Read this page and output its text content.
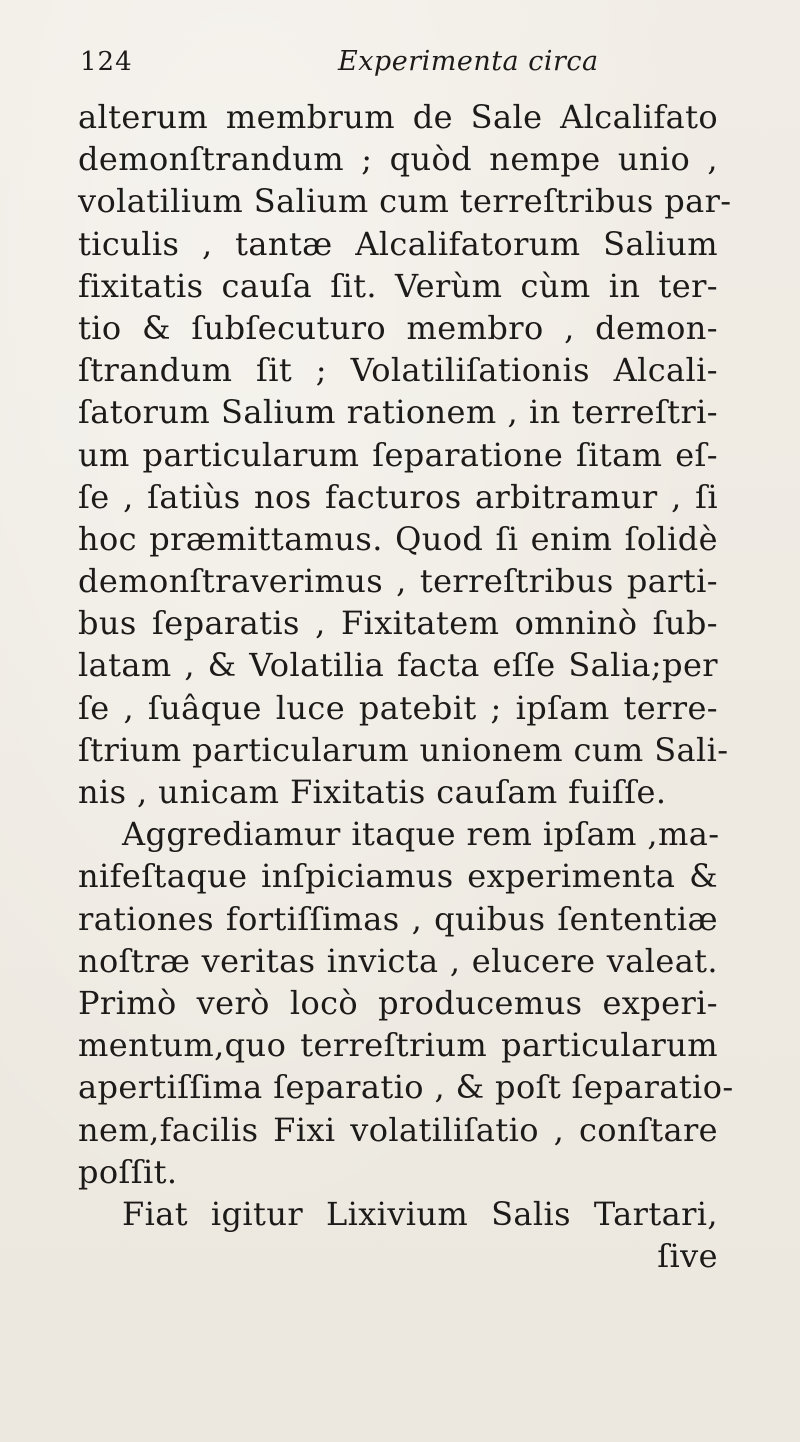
124	Experimenta circa
alterum membrum de Sale Alcalifato
demonſtrandum ; quòd nempe unio ,
volatilium Salium cum terreſtribus par-
ticulis , tantæ Alcalifatorum Salium
fixitatis cauſa ſit. Verùm cùm in ter-
tio & ſubſecuturo membro , demon-
ſtrandum ſit ; Volatiliſationis Alcali-
ſatorum Salium rationem , in terreſtri-
um particularum ſeparatione ſitam eſ-
ſe , ſatiùs nos facturos arbitramur , ſi
hoc præmittamus. Quod ſi enim ſolidè
demonſtraverimus , terreſtribus parti-
bus ſeparatis , Fixitatem omninò ſub-
latam , & Volatilia facta eſſe Salia;per
ſe , ſuâque luce patebit ; ipſam terre-
ſtrium particularum unionem cum Sali-
nis , unicam Fixitatis cauſam fuiſſe.
Aggrediamur itaque rem ipſam ,ma-
nifeſtaque inſpiciamus experimenta &
rationes fortiſſimas , quibus ſententiæ
noſtræ veritas invicta , elucere valeat.
Primò verò locò producemus experi-
mentum,quo terreſtrium particularum
apertiſſima ſeparatio , & poſt ſeparatio-
nem,facilis Fixi volatiliſatio , conſtare
poſſit.
Fiat igitur Lixivium Salis Tartari,
ſive
